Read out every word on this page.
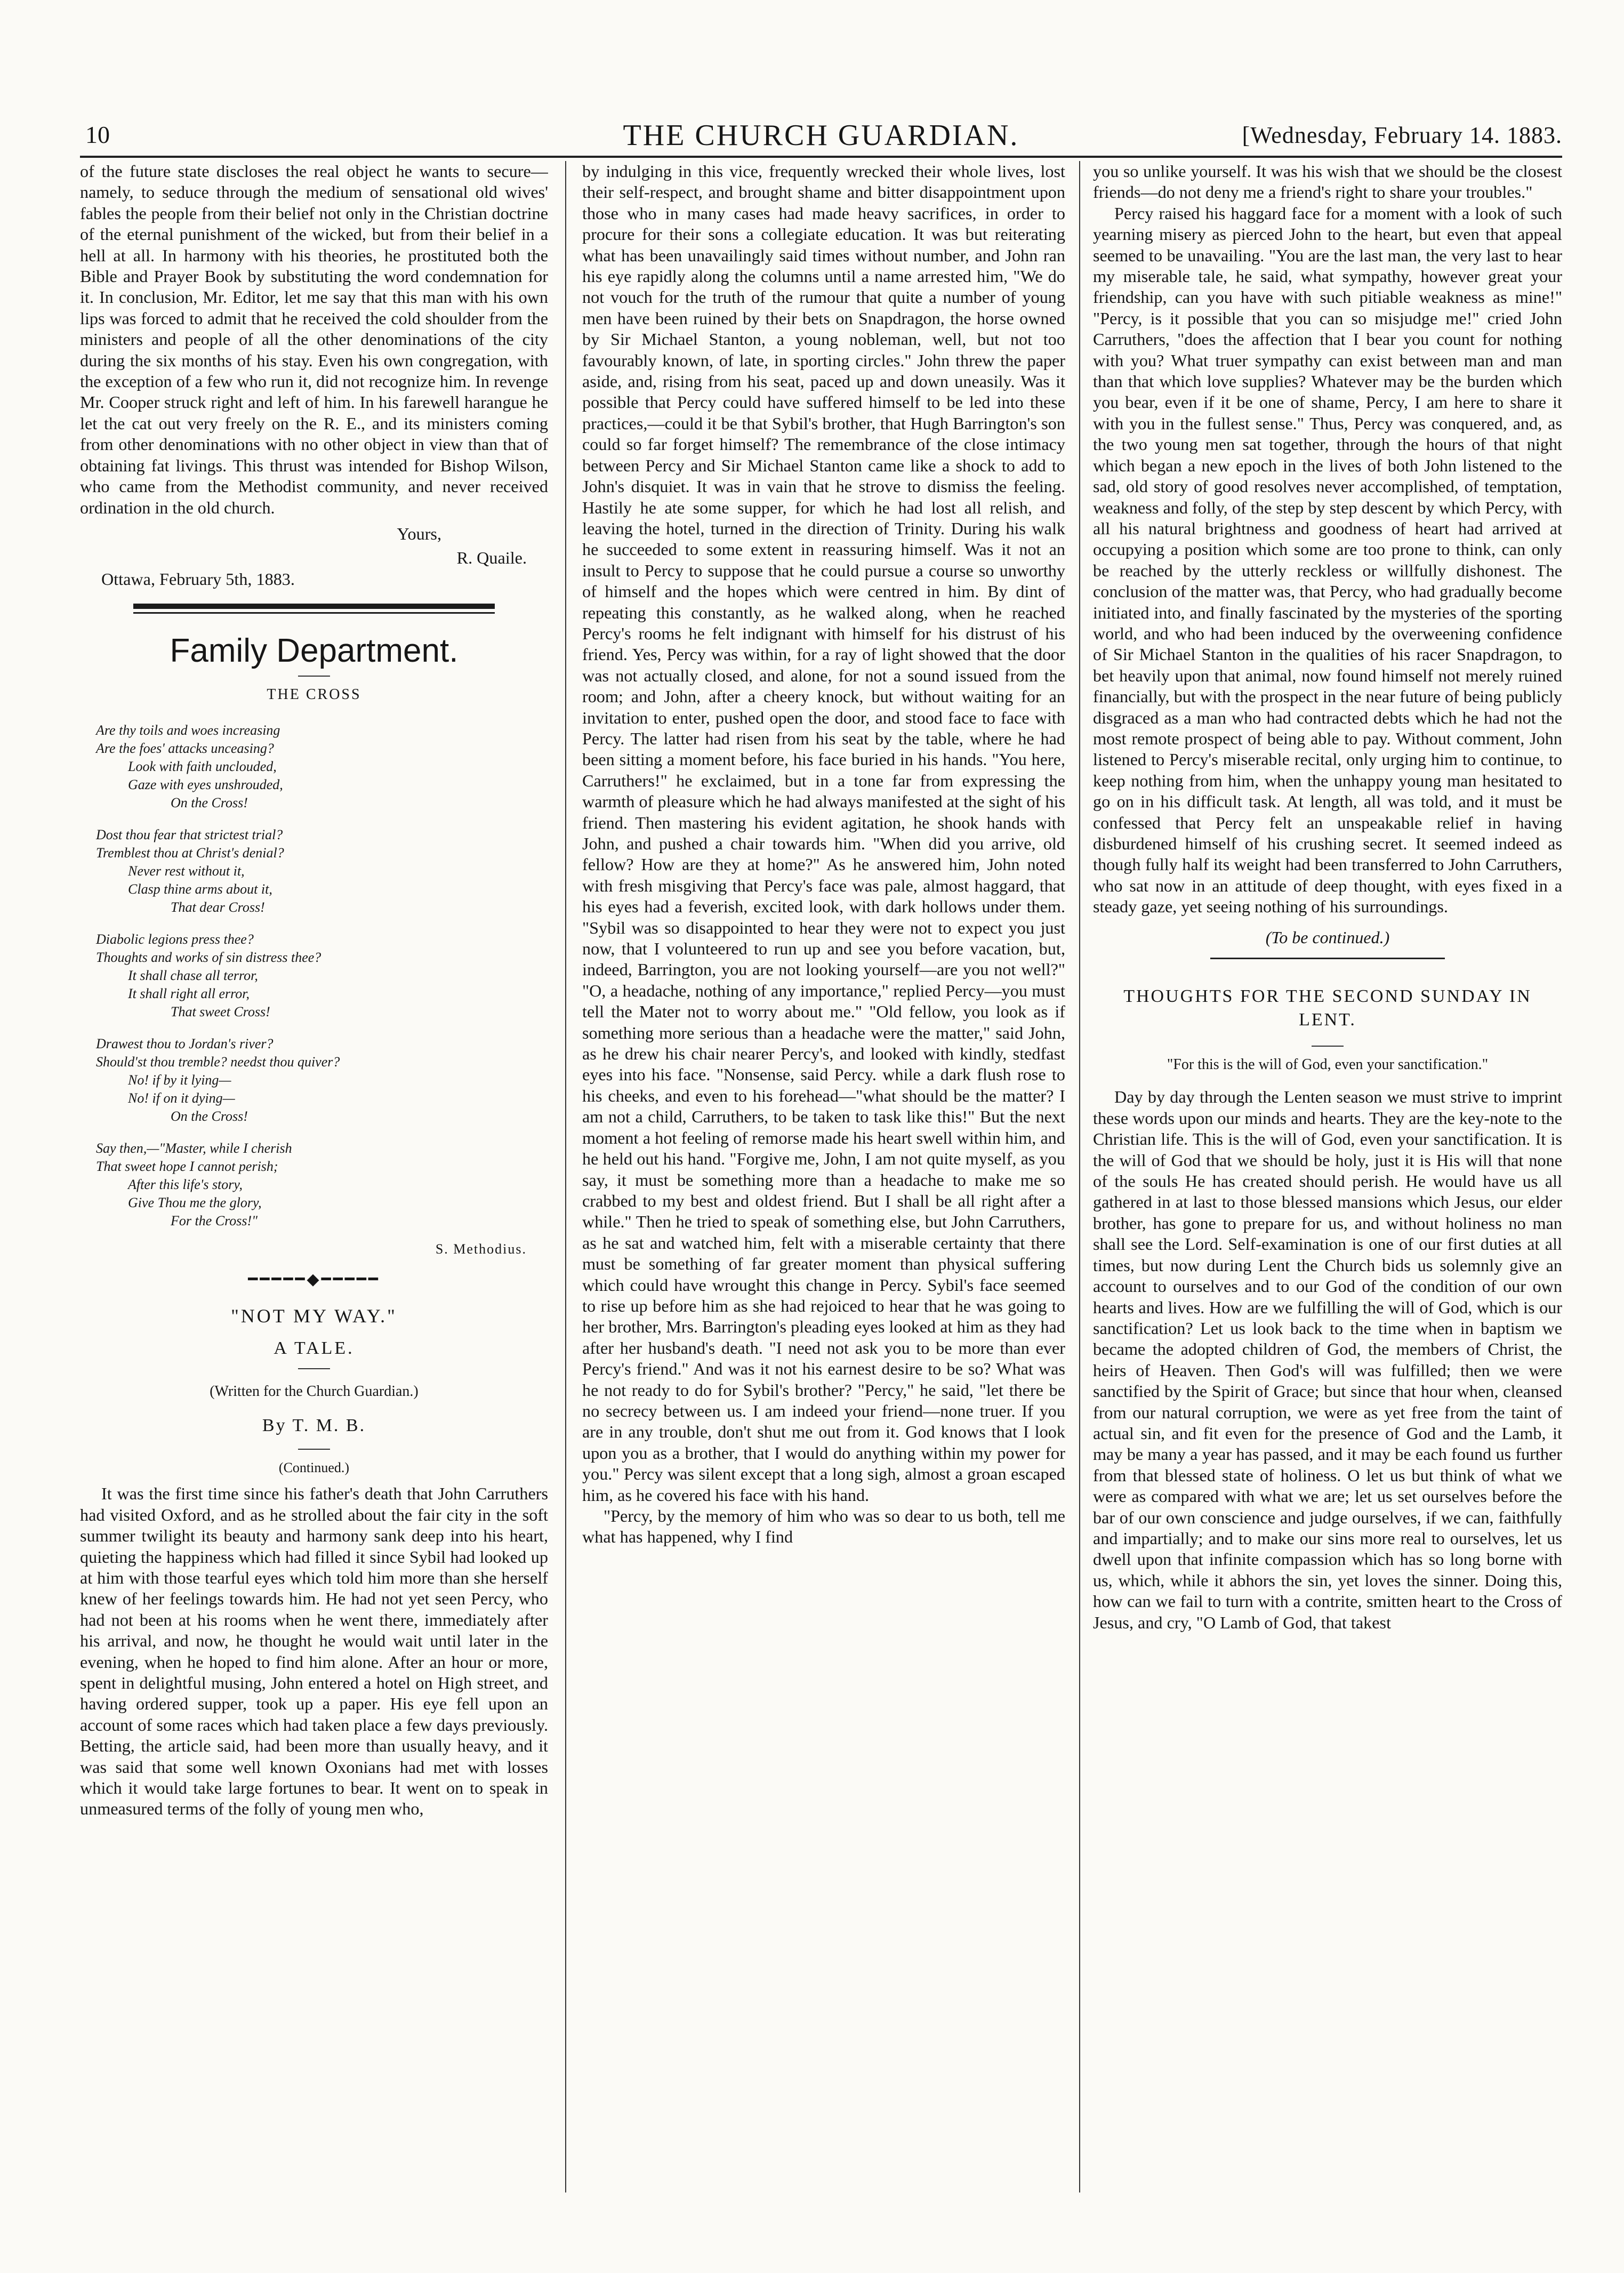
10	THE CHURCH GUARDIAN.	[Wednesday, February 14. 1883.

of the future state discloses the real object he wants to secure—namely, to seduce through the medium of sensational old wives' fables the people from their belief not only in the Christian doctrine of the eternal punishment of the wicked, but from their belief in a hell at all. In harmony with his theories, he prostituted both the Bible and Prayer Book by substituting the word condemnation for it. In conclusion, Mr. Editor, let me say that this man with his own lips was forced to admit that he received the cold shoulder from the ministers and people of all the other denominations of the city during the six months of his stay. Even his own congregation, with the exception of a few who run it, did not recognize him. In revenge Mr. Cooper struck right and left of him. In his farewell harangue he let the cat out very freely on the R. E., and its ministers coming from other denominations with no other object in view than that of obtaining fat livings. This thrust was intended for Bishop Wilson, who came from the Methodist community, and never received ordination in the old church.

Yours,
R. Quaile.

Ottawa, February 5th, 1883.

Family Department.
THE CROSS
Are thy toils and woes increasing
Are the foes' attacks unceasing?
Look with faith unclouded,
Gaze with eyes unshrouded,
On the Cross!
Dost thou fear that strictest trial?
Tremblest thou at Christ's denial?
Never rest without it,
Clasp thine arms about it,
That dear Cross!
Diabolic legions press thee?
Thoughts and works of sin distress thee?
It shall chase all terror,
It shall right all error,
That sweet Cross!
Drawest thou to Jordan's river?
Should'st thou tremble? needst thou quiver?
No! if by it lying—
No! if on it dying—
On the Cross!
Say then,—"Master, while I cherish
That sweet hope I cannot perish;
After this life's story,
Give Thou me the glory,
For the Cross!"
S. Methodius.
━━━━━◆━━━━━
"NOT MY WAY."
A TALE.
(Written for the Church Guardian.)
By T. M. B.
(Continued.)

It was the first time since his father's death that John Carruthers had visited Oxford, and as he strolled about the fair city in the soft summer twilight its beauty and harmony sank deep into his heart, quieting the happiness which had filled it since Sybil had looked up at him with those tearful eyes which told him more than she herself knew of her feelings towards him. He had not yet seen Percy, who had not been at his rooms when he went there, immediately after his arrival, and now, he thought he would wait until later in the evening, when he hoped to find him alone. After an hour or more, spent in delightful musing, John entered a hotel on High street, and having ordered supper, took up a paper. His eye fell upon an account of some races which had taken place a few days previously. Betting, the article said, had been more than usually heavy, and it was said that some well known Oxonians had met with losses which it would take large fortunes to bear. It went on to speak in unmeasured terms of the folly of young men who,

by indulging in this vice, frequently wrecked their whole lives, lost their self-respect, and brought shame and bitter disappointment upon those who in many cases had made heavy sacrifices, in order to procure for their sons a collegiate education. It was but reiterating what has been unavailingly said times without number, and John ran his eye rapidly along the columns until a name arrested him, "We do not vouch for the truth of the rumour that quite a number of young men have been ruined by their bets on Snapdragon, the horse owned by Sir Michael Stanton, a young nobleman, well, but not too favourably known, of late, in sporting circles." John threw the paper aside, and, rising from his seat, paced up and down uneasily. Was it possible that Percy could have suffered himself to be led into these practices,—could it be that Sybil's brother, that Hugh Barrington's son could so far forget himself? The remembrance of the close intimacy between Percy and Sir Michael Stanton came like a shock to add to John's disquiet. It was in vain that he strove to dismiss the feeling. Hastily he ate some supper, for which he had lost all relish, and leaving the hotel, turned in the direction of Trinity. During his walk he succeeded to some extent in reassuring himself. Was it not an insult to Percy to suppose that he could pursue a course so unworthy of himself and the hopes which were centred in him. By dint of repeating this constantly, as he walked along, when he reached Percy's rooms he felt indignant with himself for his distrust of his friend. Yes, Percy was within, for a ray of light showed that the door was not actually closed, and alone, for not a sound issued from the room; and John, after a cheery knock, but without waiting for an invitation to enter, pushed open the door, and stood face to face with Percy. The latter had risen from his seat by the table, where he had been sitting a moment before, his face buried in his hands. "You here, Carruthers!" he exclaimed, but in a tone far from expressing the warmth of pleasure which he had always manifested at the sight of his friend. Then mastering his evident agitation, he shook hands with John, and pushed a chair towards him. "When did you arrive, old fellow? How are they at home?" As he answered him, John noted with fresh misgiving that Percy's face was pale, almost haggard, that his eyes had a feverish, excited look, with dark hollows under them. "Sybil was so disappointed to hear they were not to expect you just now, that I volunteered to run up and see you before vacation, but, indeed, Barrington, you are not looking yourself—are you not well?" "O, a headache, nothing of any importance," replied Percy—you must tell the Mater not to worry about me." "Old fellow, you look as if something more serious than a headache were the matter," said John, as he drew his chair nearer Percy's, and looked with kindly, stedfast eyes into his face. "Nonsense, said Percy. while a dark flush rose to his cheeks, and even to his forehead—"what should be the matter? I am not a child, Carruthers, to be taken to task like this!" But the next moment a hot feeling of remorse made his heart swell within him, and he held out his hand. "Forgive me, John, I am not quite myself, as you say, it must be something more than a headache to make me so crabbed to my best and oldest friend. But I shall be all right after a while." Then he tried to speak of something else, but John Carruthers, as he sat and watched him, felt with a miserable certainty that there must be something of far greater moment than physical suffering which could have wrought this change in Percy. Sybil's face seemed to rise up before him as she had rejoiced to hear that he was going to her brother, Mrs. Barrington's pleading eyes looked at him as they had after her husband's death. "I need not ask you to be more than ever Percy's friend." And was it not his earnest desire to be so? What was he not ready to do for Sybil's brother? "Percy," he said, "let there be no secrecy between us. I am indeed your friend—none truer. If you are in any trouble, don't shut me out from it. God knows that I look upon you as a brother, that I would do anything within my power for you." Percy was silent except that a long sigh, almost a groan escaped him, as he covered his face with his hand.

"Percy, by the memory of him who was so dear to us both, tell me what has happened, why I find

you so unlike yourself. It was his wish that we should be the closest friends—do not deny me a friend's right to share your troubles."

Percy raised his haggard face for a moment with a look of such yearning misery as pierced John to the heart, but even that appeal seemed to be unavailing. "You are the last man, the very last to hear my miserable tale, he said, what sympathy, however great your friendship, can you have with such pitiable weakness as mine!" "Percy, is it possible that you can so misjudge me!" cried John Carruthers, "does the affection that I bear you count for nothing with you? What truer sympathy can exist between man and man than that which love supplies? Whatever may be the burden which you bear, even if it be one of shame, Percy, I am here to share it with you in the fullest sense." Thus, Percy was conquered, and, as the two young men sat together, through the hours of that night which began a new epoch in the lives of both John listened to the sad, old story of good resolves never accomplished, of temptation, weakness and folly, of the step by step descent by which Percy, with all his natural brightness and goodness of heart had arrived at occupying a position which some are too prone to think, can only be reached by the utterly reckless or willfully dishonest. The conclusion of the matter was, that Percy, who had gradually become initiated into, and finally fascinated by the mysteries of the sporting world, and who had been induced by the overweening confidence of Sir Michael Stanton in the qualities of his racer Snapdragon, to bet heavily upon that animal, now found himself not merely ruined financially, but with the prospect in the near future of being publicly disgraced as a man who had contracted debts which he had not the most remote prospect of being able to pay. Without comment, John listened to Percy's miserable recital, only urging him to continue, to keep nothing from him, when the unhappy young man hesitated to go on in his difficult task. At length, all was told, and it must be confessed that Percy felt an unspeakable relief in having disburdened himself of his crushing secret. It seemed indeed as though fully half its weight had been transferred to John Carruthers, who sat now in an attitude of deep thought, with eyes fixed in a steady gaze, yet seeing nothing of his surroundings.

(To be continued.)
THOUGHTS FOR THE SECOND SUNDAY IN LENT.
"For this is the will of God, even your sanctification."

Day by day through the Lenten season we must strive to imprint these words upon our minds and hearts. They are the key-note to the Christian life. This is the will of God, even your sanctification. It is the will of God that we should be holy, just it is His will that none of the souls He has created should perish. He would have us all gathered in at last to those blessed mansions which Jesus, our elder brother, has gone to prepare for us, and without holiness no man shall see the Lord. Self-examination is one of our first duties at all times, but now during Lent the Church bids us solemnly give an account to ourselves and to our God of the condition of our own hearts and lives. How are we fulfilling the will of God, which is our sanctification? Let us look back to the time when in baptism we became the adopted children of God, the members of Christ, the heirs of Heaven. Then God's will was fulfilled; then we were sanctified by the Spirit of Grace; but since that hour when, cleansed from our natural corruption, we were as yet free from the taint of actual sin, and fit even for the presence of God and the Lamb, it may be many a year has passed, and it may be each found us further from that blessed state of holiness. O let us but think of what we were as compared with what we are; let us set ourselves before the bar of our own conscience and judge ourselves, if we can, faithfully and impartially; and to make our sins more real to ourselves, let us dwell upon that infinite compassion which has so long borne with us, which, while it abhors the sin, yet loves the sinner. Doing this, how can we fail to turn with a contrite, smitten heart to the Cross of Jesus, and cry, "O Lamb of God, that takest
